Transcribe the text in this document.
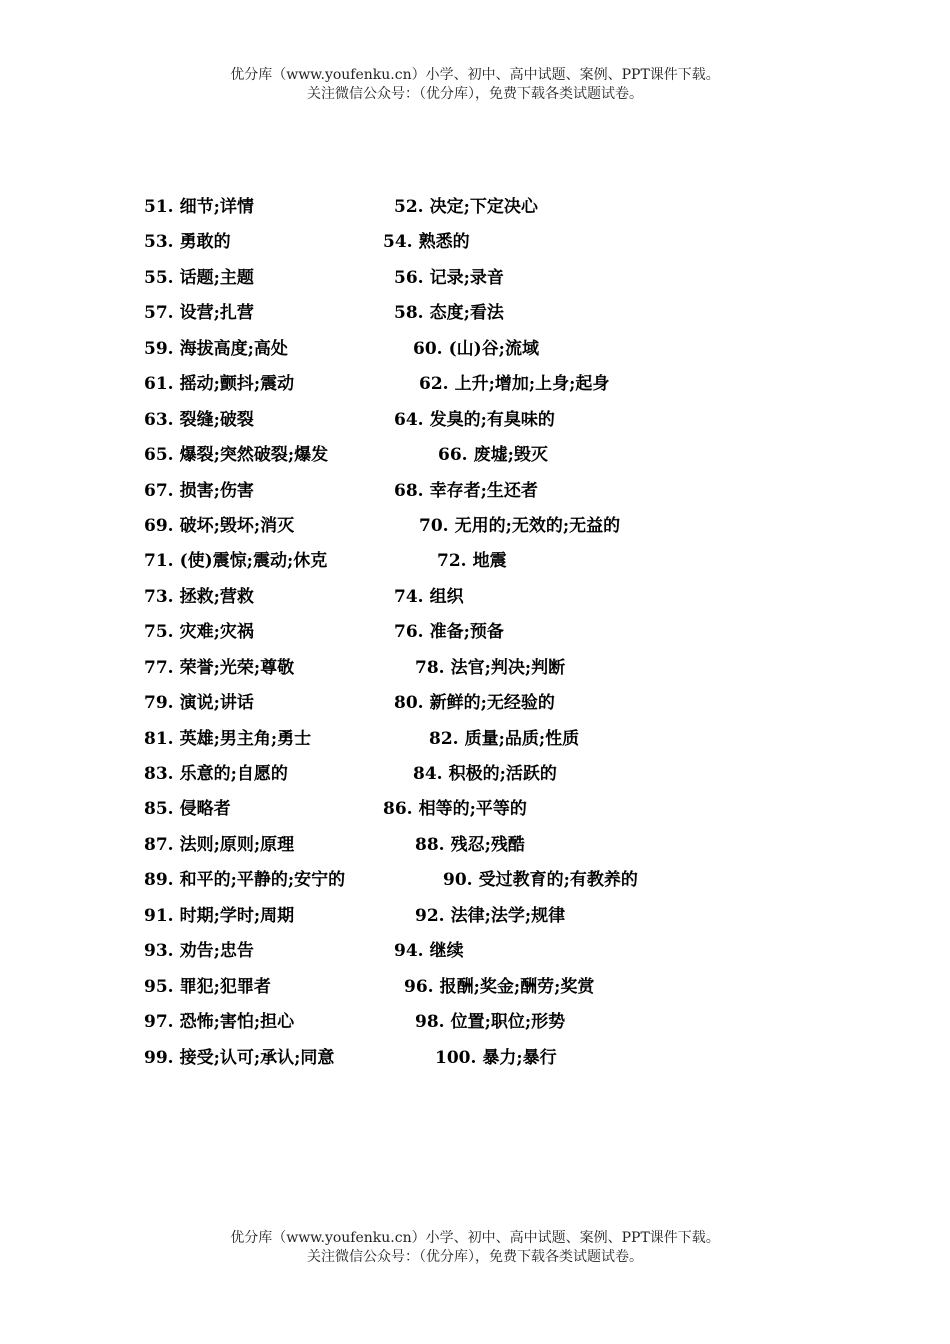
优分库（www.youfenku.cn）小学、初中、高中试题、案例、PPT课件下载。
关注微信公众号：（优分库），免费下载各类试题试卷。
51. 细节;详情	52. 决定;下定决心
53. 勇敢的	54. 熟悉的
55. 话题;主题	56. 记录;录音
57. 设营;扎营	58. 态度;看法
59. 海拔高度;高处	60. (山)谷;流域
61. 摇动;颤抖;震动	62. 上升;增加;上身;起身
63. 裂缝;破裂	64. 发臭的;有臭味的
65. 爆裂;突然破裂;爆发	66. 废墟;毁灭
67. 损害;伤害	68. 幸存者;生还者
69. 破坏;毁坏;消灭	70. 无用的;无效的;无益的
71. (使)震惊;震动;休克	72. 地震
73. 拯救;营救	74. 组织
75. 灾难;灾祸	76. 准备;预备
77. 荣誉;光荣;尊敬	78. 法官;判决;判断
79. 演说;讲话	80. 新鲜的;无经验的
81. 英雄;男主角;勇士	82. 质量;品质;性质
83. 乐意的;自愿的	84. 积极的;活跃的
85. 侵略者	86. 相等的;平等的
87. 法则;原则;原理	88. 残忍;残酷
89. 和平的;平静的;安宁的	90. 受过教育的;有教养的
91. 时期;学时;周期	92. 法律;法学;规律
93. 劝告;忠告	94. 继续
95. 罪犯;犯罪者	96. 报酬;奖金;酬劳;奖赏
97. 恐怖;害怕;担心	98. 位置;职位;形势
99. 接受;认可;承认;同意	100. 暴力;暴行
优分库（www.youfenku.cn）小学、初中、高中试题、案例、PPT课件下载。
关注微信公众号：（优分库），免费下载各类试题试卷。
